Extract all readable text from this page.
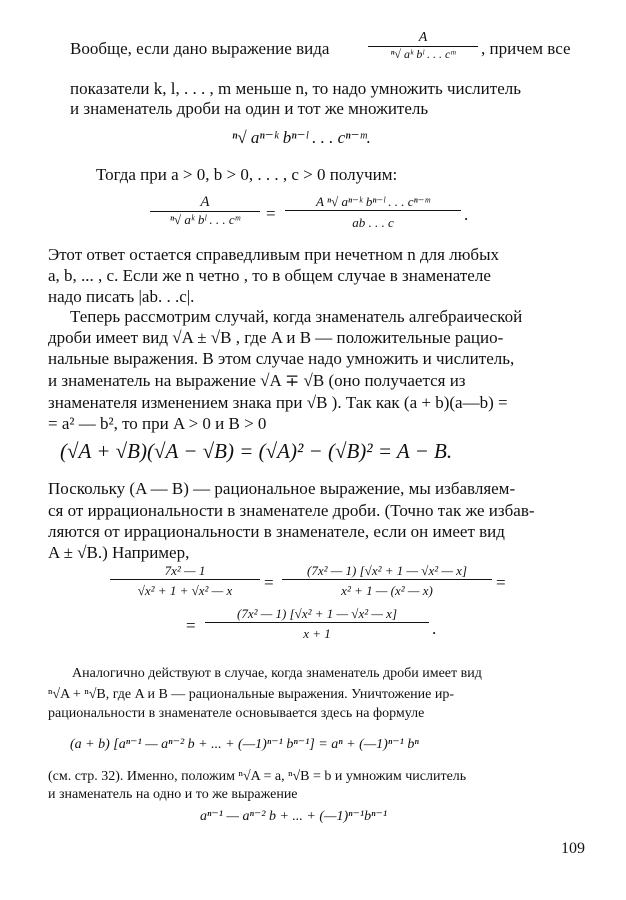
Вообще, если дано выражение вида	$\frac{A}{\text{ⁿ√ aᵏ bˡ . . . cᵐ}}$ , причем все
показатели k, l, . . . , m меньше n, то надо умножить числитель
и знаменатель дроби на один и тот же множитель
ⁿ√ aⁿ⁻ᵏ bⁿ⁻ˡ . . . cⁿ⁻ᵐ.
Тогда при a > 0, b > 0, . . . , c > 0 получим:
$\frac{A}{\text{ⁿ√ aᵏ bˡ . . . cᵐ}} = \frac{\text{A ⁿ√ aⁿ⁻ᵏ bⁿ⁻ˡ . . . cⁿ⁻ᵐ}}{ab . . . c}$ .
Этот ответ остается справедливым при нечетном n для любых
a, b, ... , c. Если же n четно , то в общем случае в знаменателе
надо писать |ab. . .c|.
Теперь рассмотрим случай, когда знаменатель алгебраической
дроби имеет вид √A ± √B , где A и B — положительные рацио-
нальные выражения. В этом случае надо умножить и числитель,
и знаменатель на выражение √A ∓ √B (оно получается из
знаменателя изменением знака при √B ). Так как (a + b)(a—b) =
= a² — b², то при A > 0 и B > 0
(√A + √B)(√A − √B) = (√A)² − (√B)² = A − B.
Поскольку (A — B) — рациональное выражение, мы избавляем-
ся от иррациональности в знаменателе дроби. (Точно так же избав-
ляются от иррациональности в знаменателе, если он имеет вид
A ± √B.) Например,
$\frac{\text{7x² — 1}}{\text{√x² + 1 + √x² — x}} = \frac{\text{(7x² — 1) [√x² + 1 — √x² — x]}}{\text{x² + 1 — (x² — x)}}$ =
= $\frac{\text{(7x² — 1) [√x² + 1 — √x² — x]}}{x + 1}$ .
Аналогично действуют в случае, когда знаменатель дроби имеет вид
ⁿ√A + ⁿ√B, где A и B — рациональные выражения. Уничтожение ир-
рациональности в знаменателе основывается здесь на формуле
(a + b) [aⁿ⁻¹ — aⁿ⁻² b + ... + (—1)ⁿ⁻¹ bⁿ⁻¹] = aⁿ + (—1)ⁿ⁻¹ bⁿ
(см. стр. 32). Именно, положим ⁿ√A = a, ⁿ√B = b и умножим числитель
и знаменатель на одно и то же выражение
aⁿ⁻¹ — aⁿ⁻² b + ... + (—1)ⁿ⁻¹bⁿ⁻¹
109
